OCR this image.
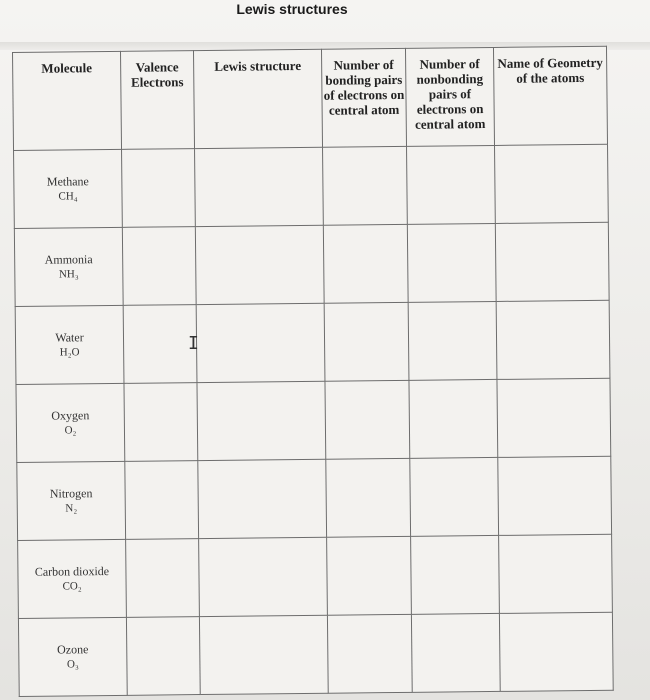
Lewis structures
Molecule	Valence Electrons	Lewis structure	Number of bonding pairs of electrons on central atom	Number of nonbonding pairs of electrons on central atom	Name of Geometry of the atoms

Methane
CH₄					

Ammonia
NH₃					

Water
H₂O					

Oxygen
O₂					

Nitrogen
N₂					

Carbon dioxide
CO₂					

Ozone
O₃					

I
